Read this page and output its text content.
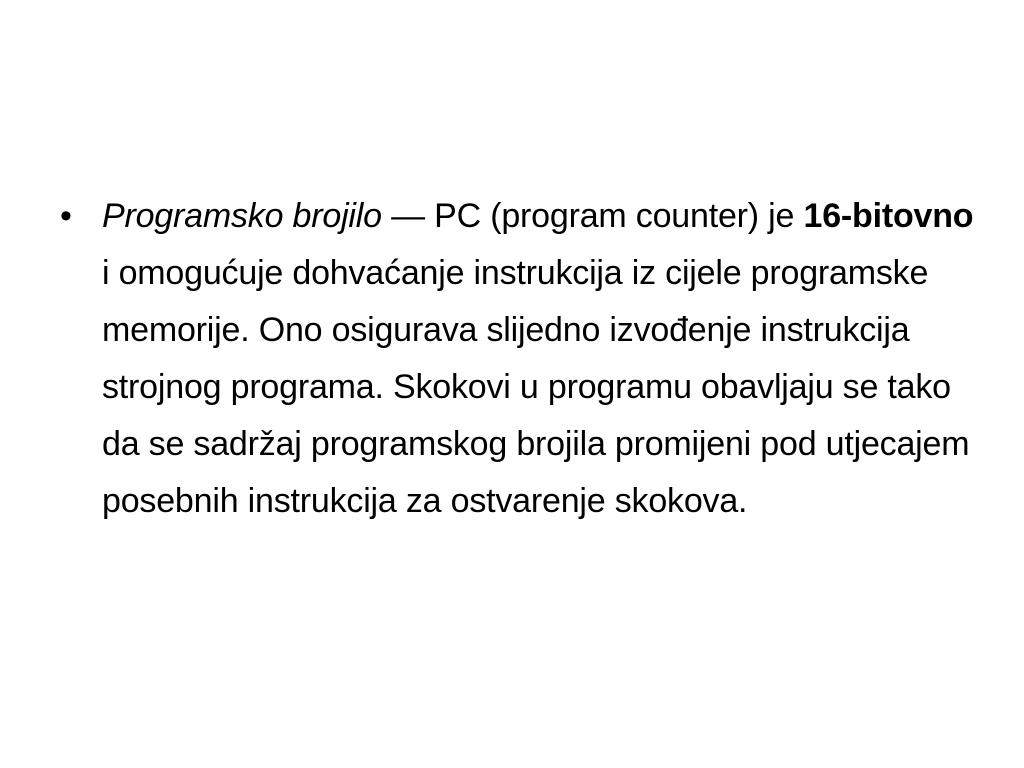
• Programsko brojilo — PC (program counter) je 16-bitovno i omogućuje dohvaćanje instrukcija iz cijele programske memorije. Ono osigurava slijedno izvođenje instrukcija strojnog programa. Skokovi u programu obavljaju se tako da se sadržaj programskog brojila promijeni pod utjecajem posebnih instrukcija za ostvarenje skokova.
